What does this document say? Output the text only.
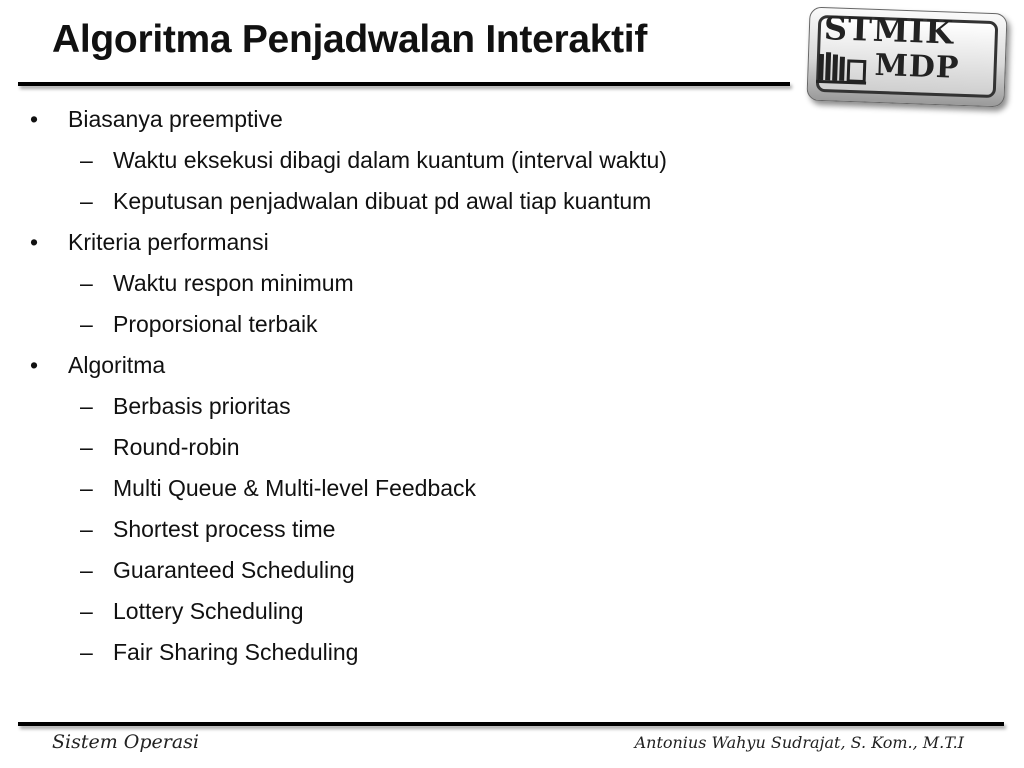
Algoritma Penjadwalan Interaktif	STMIK
MDP
• Biasanya preemptive
– Waktu eksekusi dibagi dalam kuantum (interval waktu)
– Keputusan penjadwalan dibuat pd awal tiap kuantum
• Kriteria performansi
– Waktu respon minimum
– Proporsional terbaik
• Algoritma
– Berbasis prioritas
– Round-robin
– Multi Queue & Multi-level Feedback
– Shortest process time
– Guaranteed Scheduling
– Lottery Scheduling
– Fair Sharing Scheduling
Sistem Operasi	Antonius Wahyu Sudrajat, S. Kom., M.T.I
